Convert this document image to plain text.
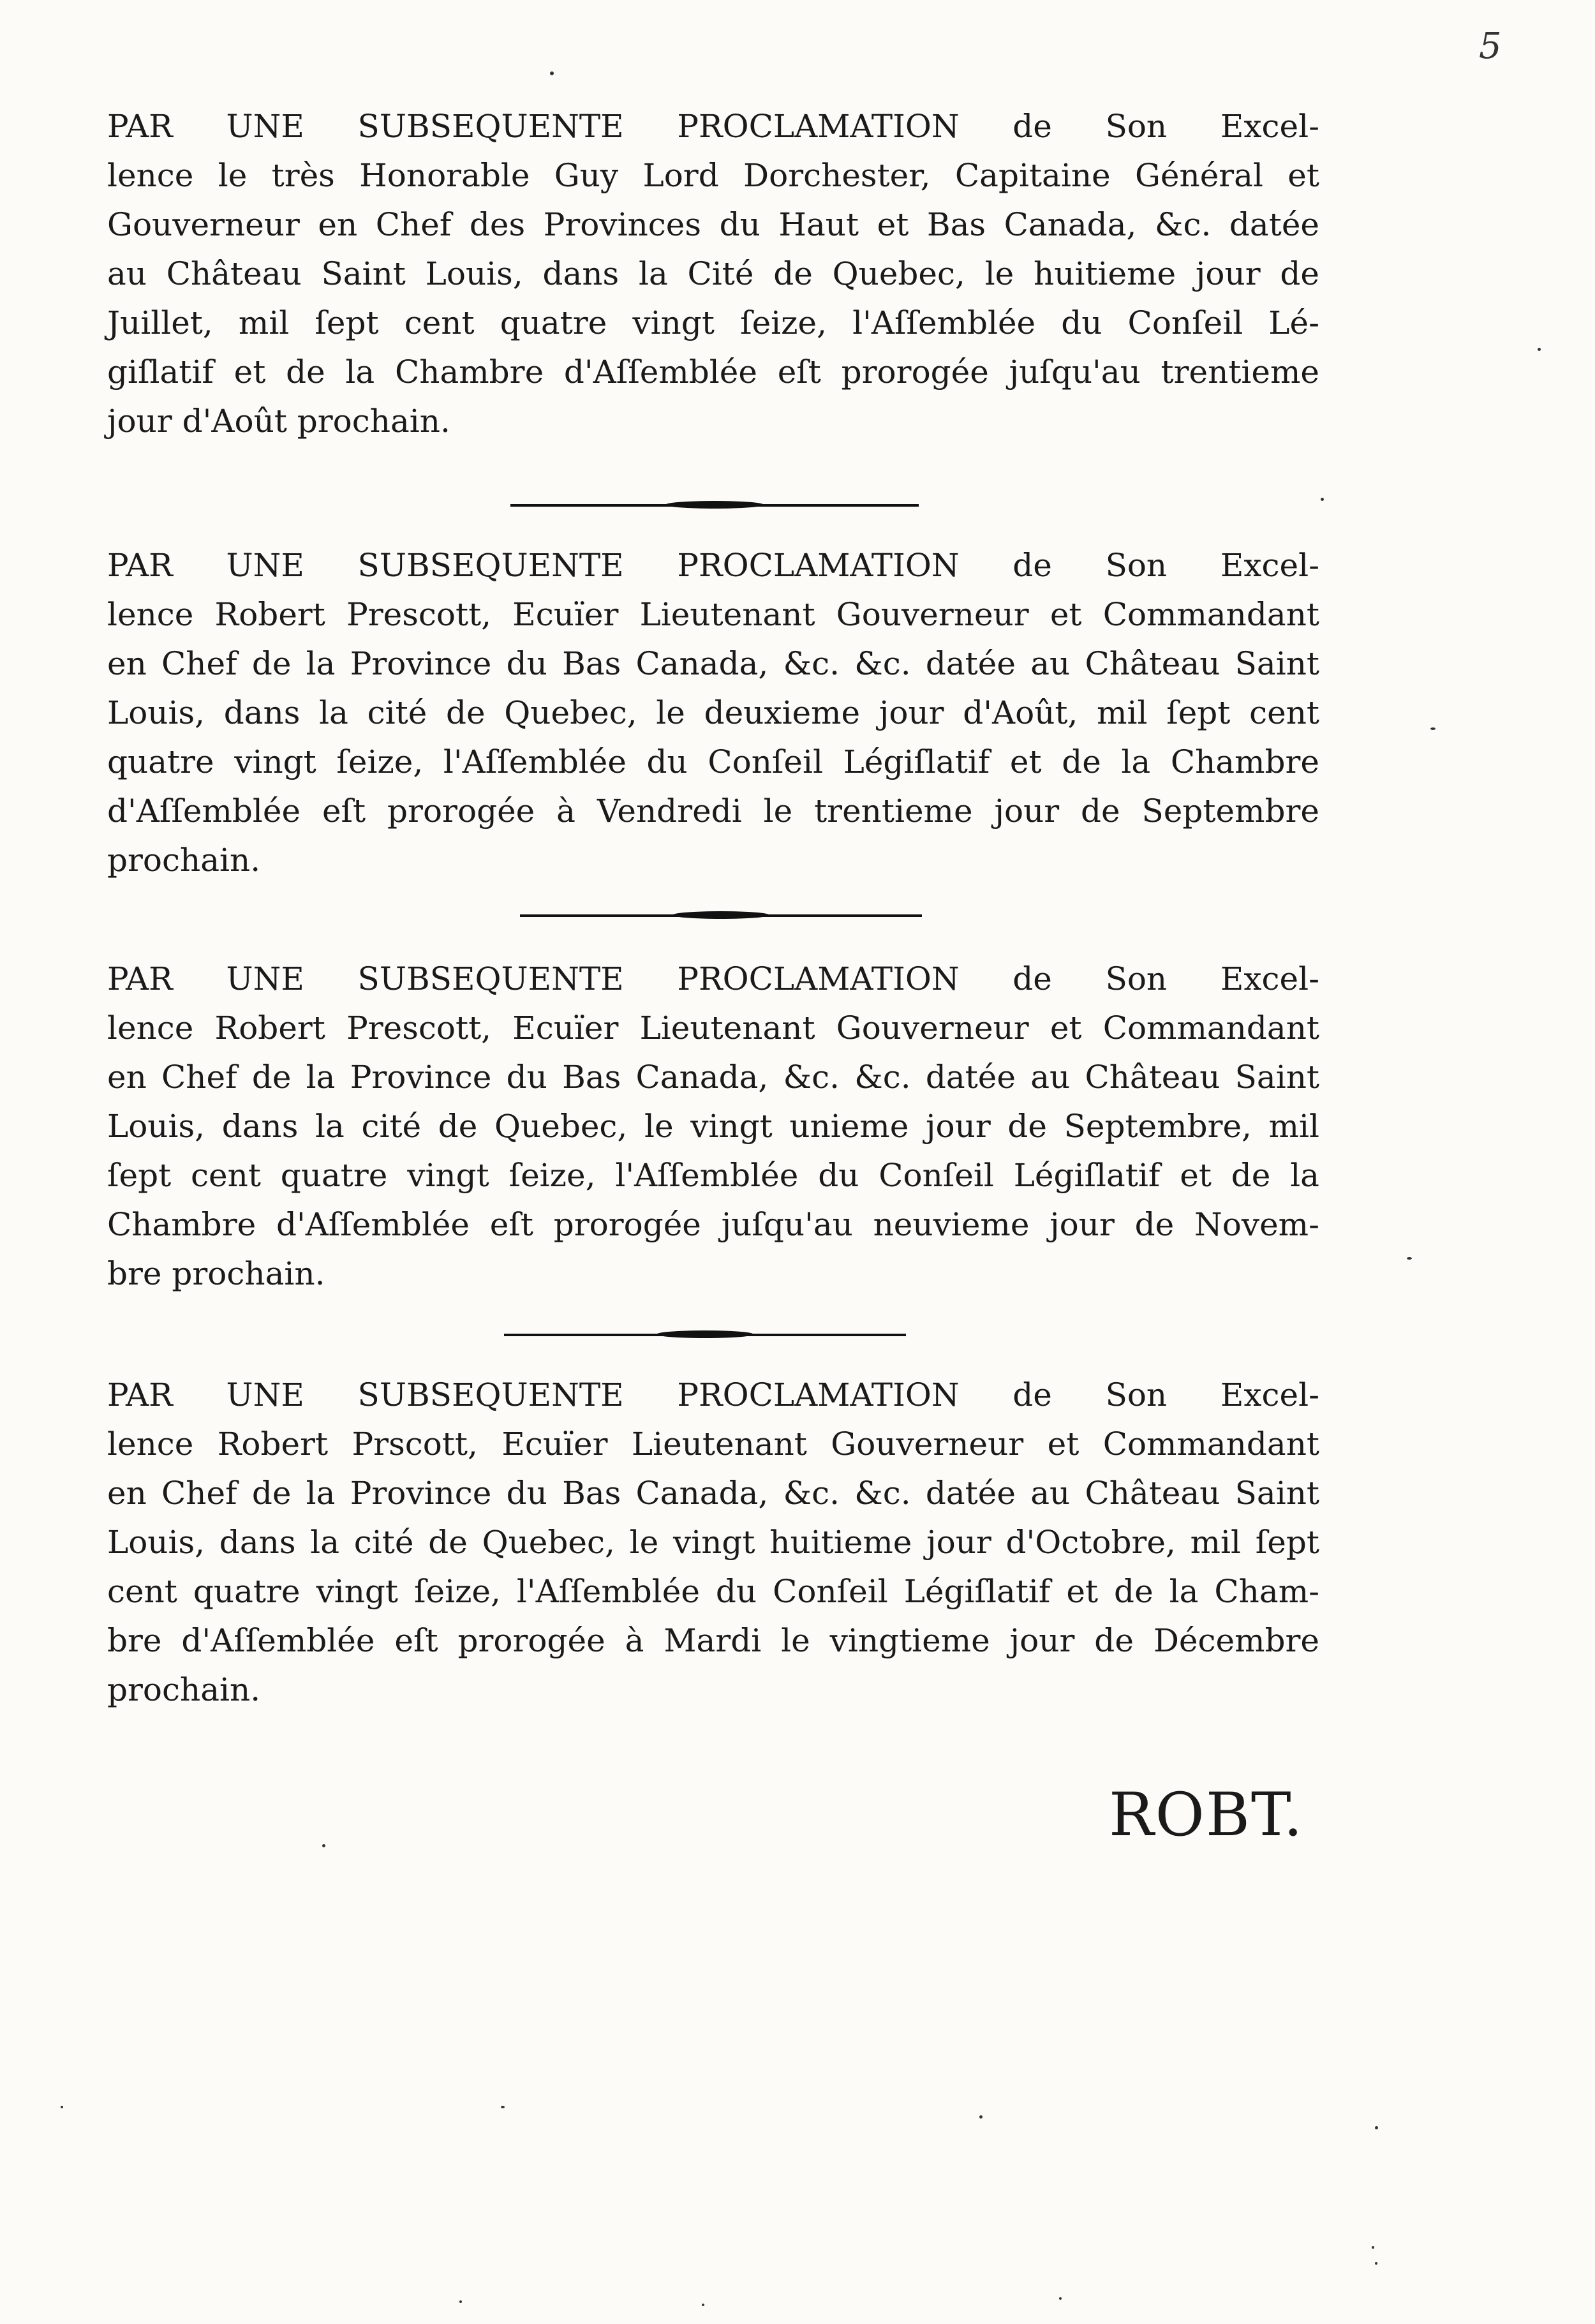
5
PAR UNE SUBSEQUENTE PROCLAMATION de Son Excel-
lence le très Honorable Guy Lord Dorchester, Capitaine Général et
Gouverneur en Chef des Provinces du Haut et Bas Canada, &c. datée
au Château Saint Louis, dans la Cité de Quebec, le huitieme jour de
Juillet, mil ſept cent quatre vingt ſeize, l'Aſſemblée du Conſeil Lé-
giſlatif et de la Chambre d'Aſſemblée eſt prorogée juſqu'au trentieme
jour d'Août prochain.
PAR UNE SUBSEQUENTE PROCLAMATION de Son Excel-
lence Robert Prescott, Ecuïer Lieutenant Gouverneur et Commandant
en Chef de la Province du Bas Canada, &c. &c. datée au Château Saint
Louis, dans la cité de Quebec, le deuxieme jour d'Août, mil ſept cent
quatre vingt ſeize, l'Aſſemblée du Conſeil Légiſlatif et de la Chambre
d'Aſſemblée eſt prorogée à Vendredi le trentieme jour de Septembre
prochain.
PAR UNE SUBSEQUENTE PROCLAMATION de Son Excel-
lence Robert Prescott, Ecuïer Lieutenant Gouverneur et Commandant
en Chef de la Province du Bas Canada, &c. &c. datée au Château Saint
Louis, dans la cité de Quebec, le vingt unieme jour de Septembre, mil
ſept cent quatre vingt ſeize, l'Aſſemblée du Conſeil Légiſlatif et de la
Chambre d'Aſſemblée eſt prorogée juſqu'au neuvieme jour de Novem-
bre prochain.
PAR UNE SUBSEQUENTE PROCLAMATION de Son Excel-
lence Robert Prscott, Ecuïer Lieutenant Gouverneur et Commandant
en Chef de la Province du Bas Canada, &c. &c. datée au Château Saint
Louis, dans la cité de Quebec, le vingt huitieme jour d'Octobre, mil ſept
cent quatre vingt ſeize, l'Aſſemblée du Conſeil Légiſlatif et de la Cham-
bre d'Aſſemblée eſt prorogée à Mardi le vingtieme jour de Décembre
prochain.
ROBT.
